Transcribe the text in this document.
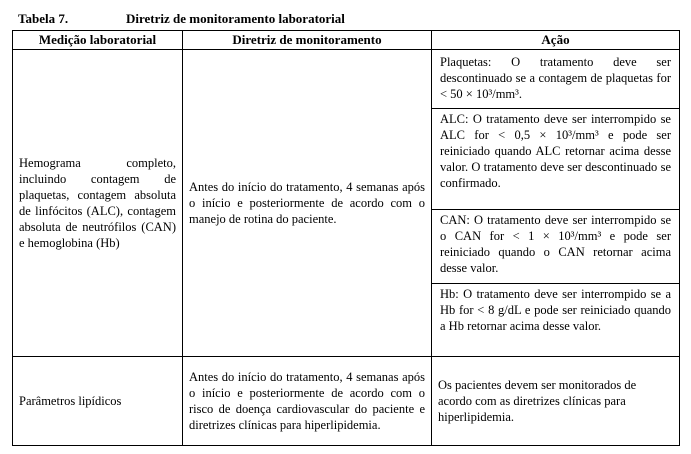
Tabela 7.	Diretriz de monitoramento laboratorial
Medição laboratorial	Diretriz de monitoramento	Ação
Hemograma completo, incluindo contagem de plaquetas, contagem absoluta de linfócitos (ALC), contagem absoluta de neutrófilos (CAN) e hemoglobina (Hb)	Antes do início do tratamento, 4 semanas após o início e posteriormente de acordo com o manejo de rotina do paciente.	Plaquetas: O tratamento deve ser descontinuado se a contagem de plaquetas for < 50 × 10³/mm³.
ALC: O tratamento deve ser interrompido se ALC for < 0,5 × 10³/mm³ e pode ser reiniciado quando ALC retornar acima desse valor. O tratamento deve ser descontinuado se confirmado.
CAN: O tratamento deve ser interrompido se o CAN for < 1 × 10³/mm³ e pode ser reiniciado quando o CAN retornar acima desse valor.
Hb: O tratamento deve ser interrompido se a Hb for < 8 g/dL e pode ser reiniciado quando a Hb retornar acima desse valor.

Parâmetros lipídicos	Antes do início do tratamento, 4 semanas após o início e posteriormente de acordo com o risco de doença cardiovascular do paciente e diretrizes clínicas para hiperlipidemia.	Os pacientes devem ser monitorados de acordo com as diretrizes clínicas para hiperlipidemia.
